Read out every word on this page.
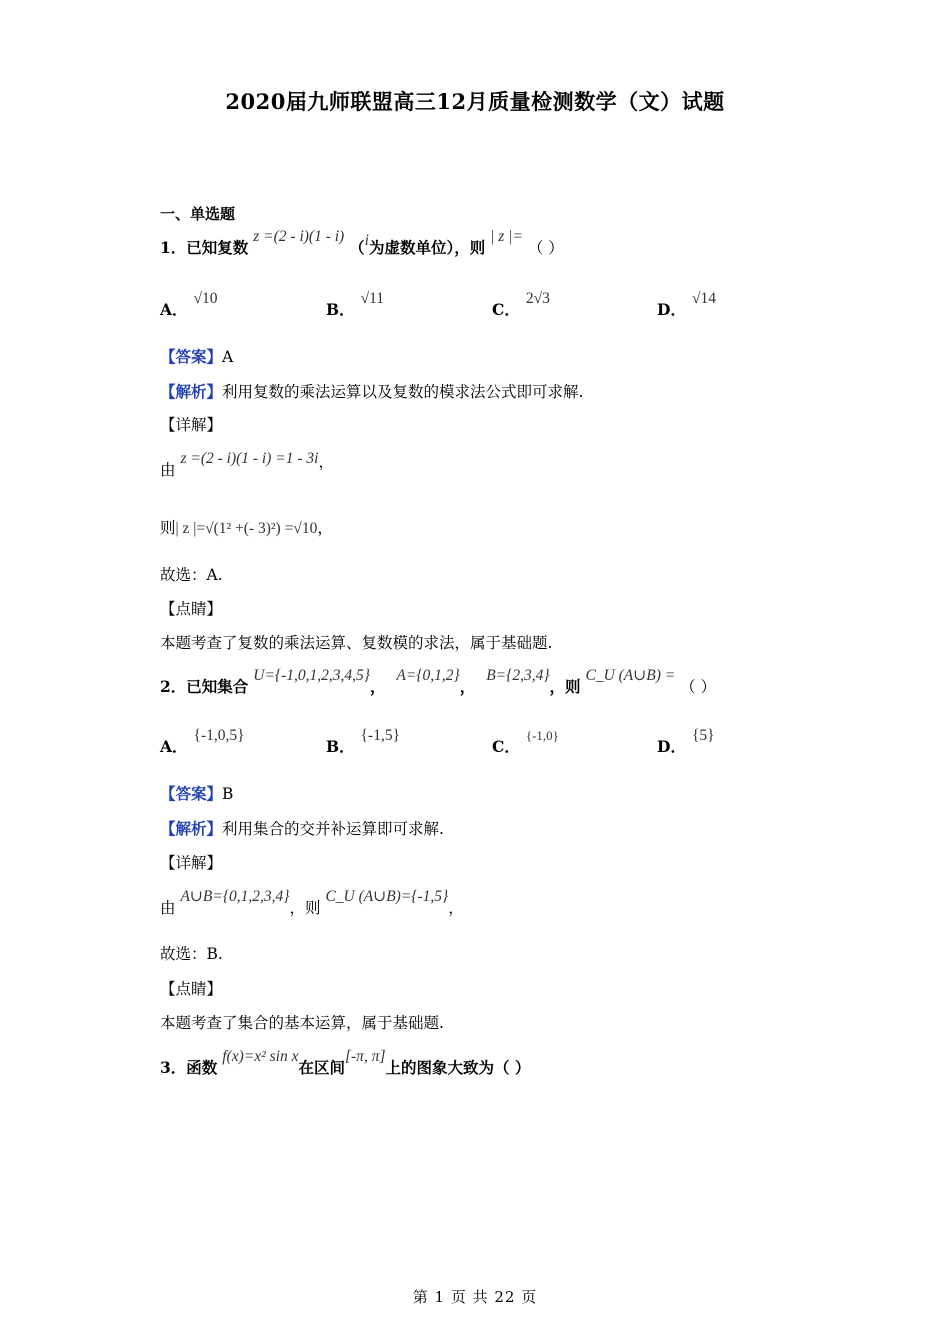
2020届九师联盟高三12月质量检测数学（文）试题
一、单选题
1．已知复数 z =(2 - i)(1 - i) （i为虚数单位），则 | z |= （ ）
A．√10
B．√11
C．2√3
D．√14
【答案】A
【解析】利用复数的乘法运算以及复数的模求法公式即可求解.
【详解】
由 z =(2 - i)(1 - i) =1 - 3i，
则| z |=√(1² +(- 3)²) =√10，
故选：A.
【点睛】
本题考查了复数的乘法运算、复数模的求法，属于基础题.
2．已知集合 U={-1,0,1,2,3,4,5}， A={0,1,2}， B={2,3,4}，则 C_U (A∪B) = （ ）
A．{-1,0,5}
B．{-1,5}
C．$^{\{-1,0\}}$
D．{5}
【答案】B
【解析】利用集合的交并补运算即可求解.
【详解】
由 A∪B={0,1,2,3,4}，则 C_U (A∪B)={-1,5}，
故选：B.
【点睛】
本题考查了集合的基本运算，属于基础题.
3．函数 f(x)=x² sin x在区间[-π, π]上的图象大致为（ ）
第 1 页 共 22 页
